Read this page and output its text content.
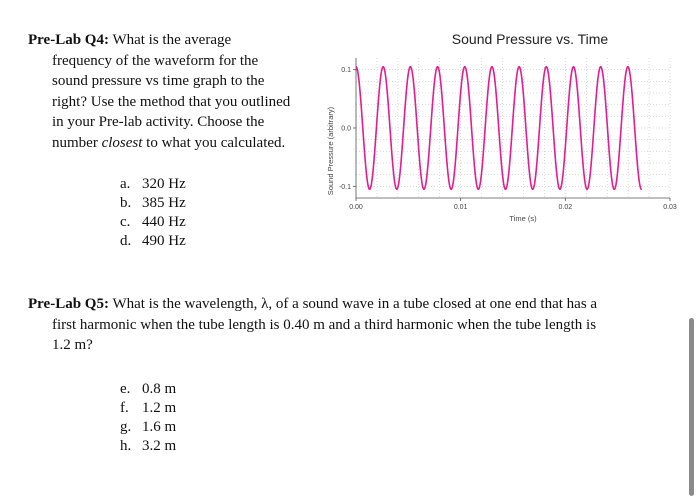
Pre-Lab Q4: What is the average
frequency of the waveform for the
sound pressure vs time graph to the
right? Use the method that you outlined
in your Pre-lab activity. Choose the
number closest to what you calculated.
a. 320 Hz
b. 385 Hz
c. 440 Hz
d. 490 Hz
Sound Pressure vs. Time
Sound Pressure (arbitrary)
Time (s)
0.00	0.01	0.02	0.03
0.1
0.0
-0.1
Pre-Lab Q5: What is the wavelength, λ, of a sound wave in a tube closed at one end that has a
first harmonic when the tube length is 0.40 m and a third harmonic when the tube length is
1.2 m?
e. 0.8 m
f. 1.2 m
g. 1.6 m
h. 3.2 m
